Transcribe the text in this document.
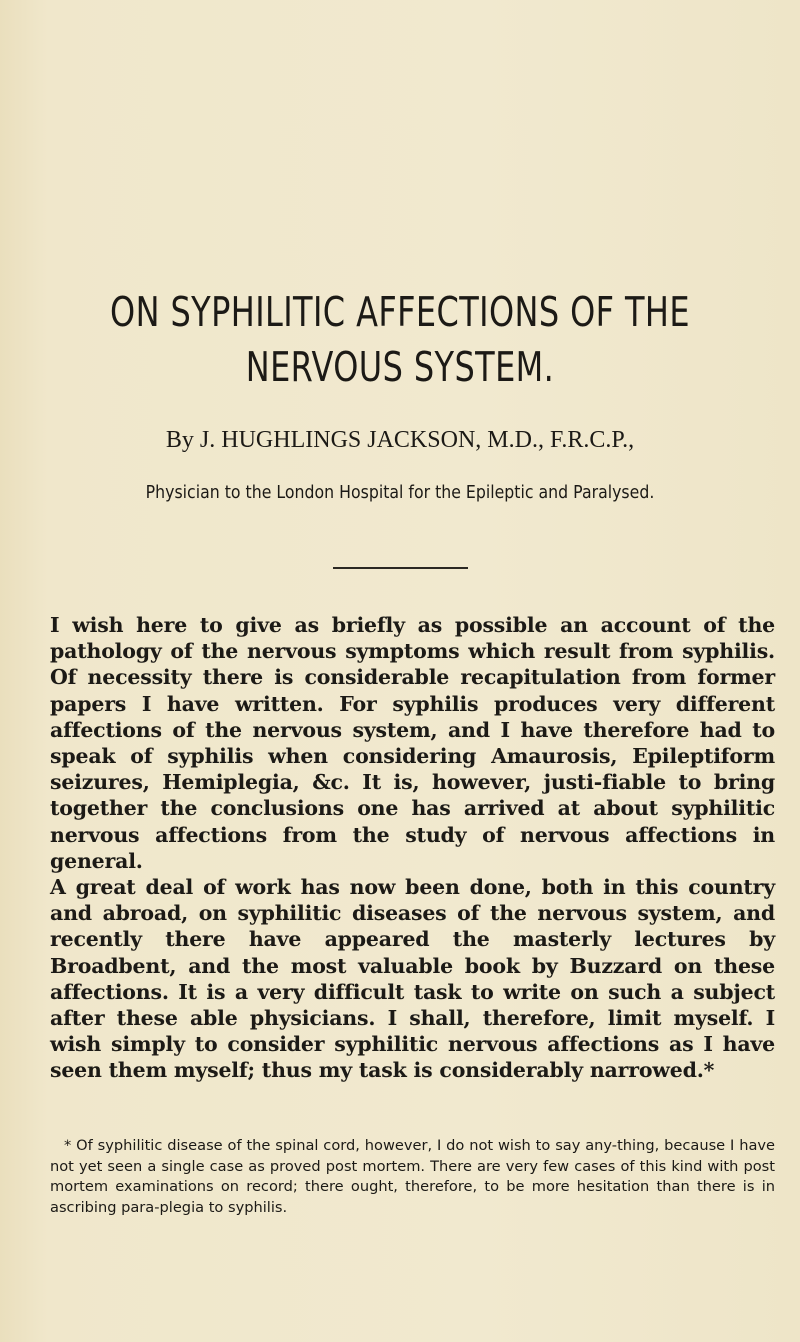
ON SYPHILITIC AFFECTIONS OF THE
NERVOUS SYSTEM.
By J. HUGHLINGS JACKSON, M.D., F.R.C.P.,
Physician to the London Hospital for the Epileptic and Paralysed.

I wish here to give as briefly as possible an account of the pathology of the nervous symptoms which result from syphilis. Of necessity there is considerable recapitulation from former papers I have written. For syphilis produces very different affections of the nervous system, and I have therefore had to speak of syphilis when considering Amaurosis, Epileptiform seizures, Hemiplegia, &c. It is, however, justi-fiable to bring together the conclusions one has arrived at about syphilitic nervous affections from the study of nervous affections in general.

A great deal of work has now been done, both in this country and abroad, on syphilitic diseases of the nervous system, and recently there have appeared the masterly lectures by Broadbent, and the most valuable book by Buzzard on these affections. It is a very difficult task to write on such a subject after these able physicians. I shall, therefore, limit myself. I wish simply to consider syphilitic nervous affections as I have seen them myself; thus my task is considerably narrowed.*

* Of syphilitic disease of the spinal cord, however, I do not wish to say any-thing, because I have not yet seen a single case as proved post mortem. There are very few cases of this kind with post mortem examinations on record; there ought, therefore, to be more hesitation than there is in ascribing para-plegia to syphilis.
